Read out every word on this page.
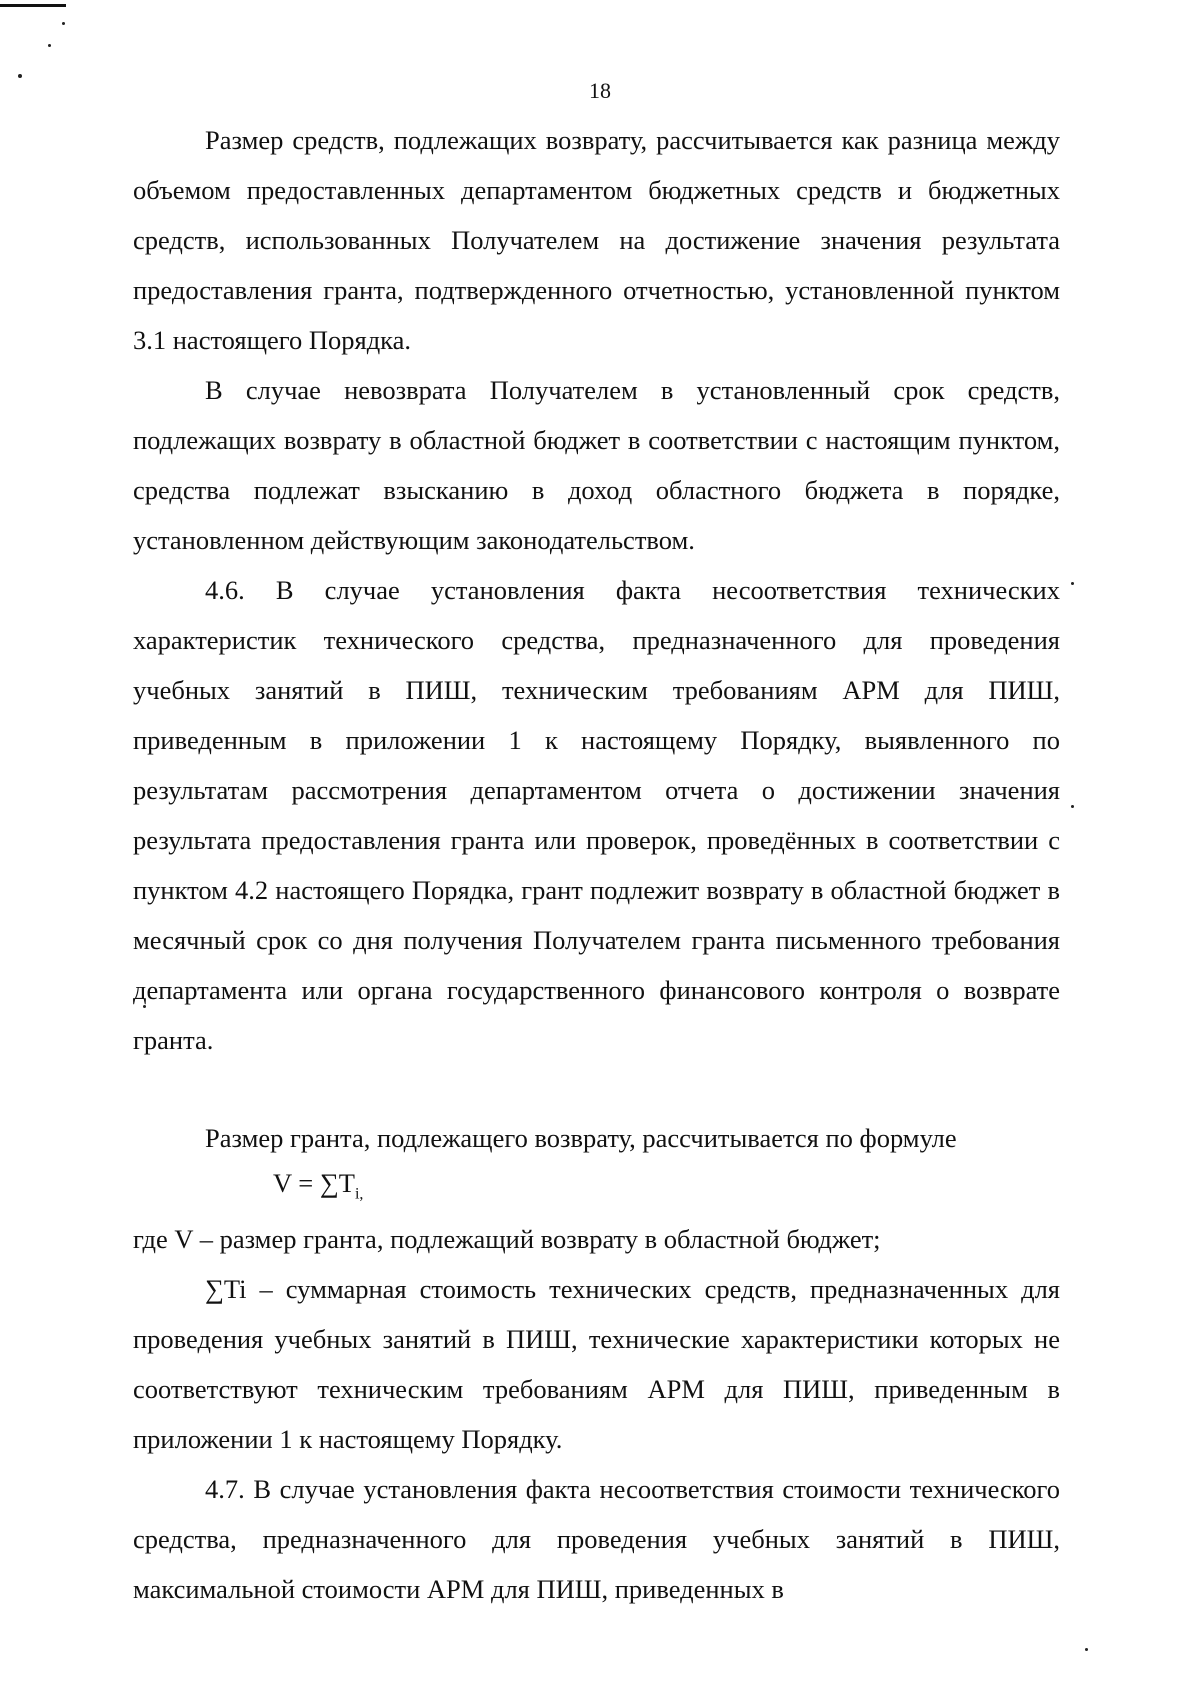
18

Размер средств, подлежащих возврату, рассчитывается как разница между объемом предоставленных департаментом бюджетных средств и бюджетных средств, использованных Получателем на достижение значения результата предоставления гранта, подтвержденного отчетностью, установленной пунктом 3.1 настоящего Порядка.

В случае невозврата Получателем в установленный срок средств, подлежащих возврату в областной бюджет в соответствии с настоящим пунктом, средства подлежат взысканию в доход областного бюджета в порядке, установленном действующим законодательством.

4.6. В случае установления факта несоответствия технических характеристик технического средства, предназначенного для проведения учебных занятий в ПИШ, техническим требованиям АРМ для ПИШ, приведенным в приложении 1 к настоящему Порядку, выявленного по результатам рассмотрения департаментом отчета о достижении значения результата предоставления гранта или проверок, проведённых в соответствии с пунктом 4.2 настоящего Порядка, грант подлежит возврату в областной бюджет в месячный срок со дня получения Получателем гранта письменного требования департамента или органа государственного финансового контроля о возврате гранта.

Размер гранта, подлежащего возврату, рассчитывается по формуле

$V = \sum T_{i,}$

где V – размер гранта, подлежащий возврату в областной бюджет;

∑Ti – суммарная стоимость технических средств, предназначенных для проведения учебных занятий в ПИШ, технические характеристики которых не соответствуют техническим требованиям АРМ для ПИШ, приведенным в приложении 1 к настоящему Порядку.

4.7. В случае установления факта несоответствия стоимости технического средства, предназначенного для проведения учебных занятий в ПИШ, максимальной стоимости АРМ для ПИШ, приведенных в
